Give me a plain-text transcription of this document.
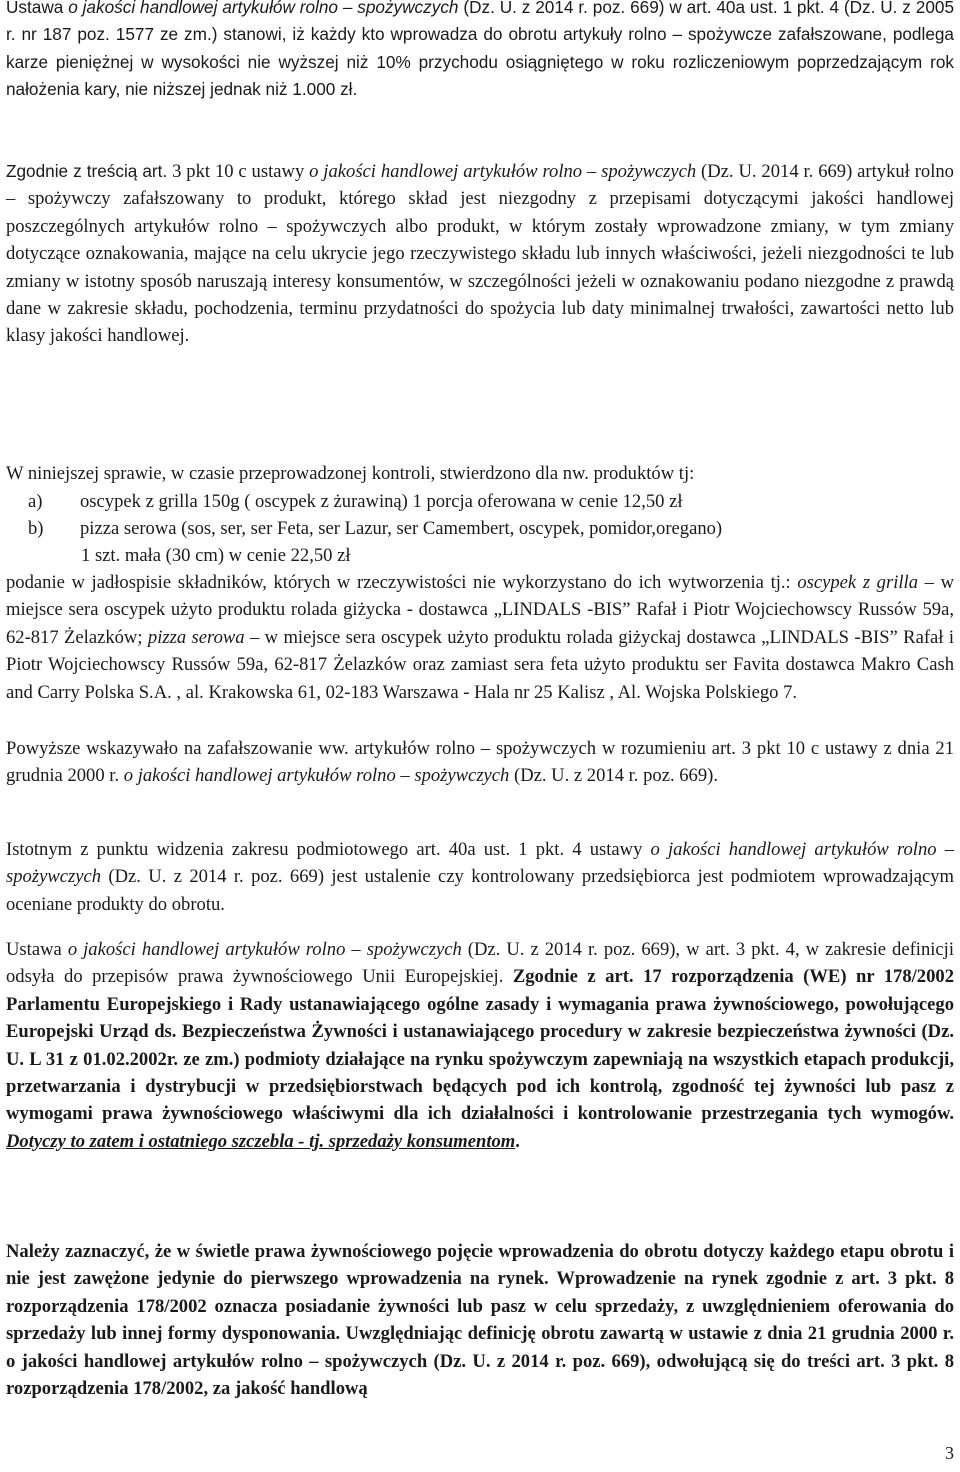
Ustawa o jakości handlowej artykułów rolno – spożywczych (Dz. U. z 2014 r. poz. 669) w art. 40a ust. 1 pkt. 4 (Dz. U. z 2005 r. nr 187 poz. 1577 ze zm.) stanowi, iż każdy kto wprowadza do obrotu artykuły rolno – spożywcze zafałszowane, podlega karze pieniężnej w wysokości nie wyższej niż 10% przychodu osiągniętego w roku rozliczeniowym poprzedzającym rok nałożenia kary, nie niższej jednak niż 1.000 zł.

Zgodnie z treścią art. 3 pkt 10 c ustawy o jakości handlowej artykułów rolno – spożywczych (Dz. U. 2014 r. 669) artykuł rolno – spożywczy zafałszowany to produkt, którego skład jest niezgodny z przepisami dotyczącymi jakości handlowej poszczególnych artykułów rolno – spożywczych albo produkt, w którym zostały wprowadzone zmiany, w tym zmiany dotyczące oznakowania, mające na celu ukrycie jego rzeczywistego składu lub innych właściwości, jeżeli niezgodności te lub zmiany w istotny sposób naruszają interesy konsumentów, w szczególności jeżeli w oznakowaniu podano niezgodne z prawdą dane w zakresie składu, pochodzenia, terminu przydatności do spożycia lub daty minimalnej trwałości, zawartości netto lub klasy jakości handlowej.

W niniejszej sprawie, w czasie przeprowadzonej kontroli, stwierdzono dla nw. produktów tj:

a) oscypek z grilla 150g ( oscypek z żurawiną) 1 porcja oferowana w cenie 12,50 zł

b) pizza serowa (sos, ser, ser Feta, ser Lazur, ser Camembert, oscypek, pomidor,oregano)

1 szt. mała (30 cm) w cenie 22,50 zł

podanie w jadłospisie składników, których w rzeczywistości nie wykorzystano do ich wytworzenia tj.: oscypek z grilla – w miejsce sera oscypek użyto produktu rolada giżycka - dostawca „LINDALS -BIS” Rafał i Piotr Wojciechowscy Russów 59a, 62-817 Żelazków; pizza serowa – w miejsce sera oscypek użyto produktu rolada giżyckaj dostawca „LINDALS -BIS” Rafał i Piotr Wojciechowscy Russów 59a, 62-817 Żelazków oraz zamiast sera feta użyto produktu ser Favita dostawca Makro Cash and Carry Polska S.A. , al. Krakowska 61, 02-183 Warszawa - Hala nr 25 Kalisz , Al. Wojska Polskiego 7.

Powyższe wskazywało na zafałszowanie ww. artykułów rolno – spożywczych w rozumieniu art. 3 pkt 10 c ustawy z dnia 21 grudnia 2000 r. o jakości handlowej artykułów rolno – spożywczych (Dz. U. z 2014 r. poz. 669).

Istotnym z punktu widzenia zakresu podmiotowego art. 40a ust. 1 pkt. 4 ustawy o jakości handlowej artykułów rolno – spożywczych (Dz. U. z 2014 r. poz. 669) jest ustalenie czy kontrolowany przedsiębiorca jest podmiotem wprowadzającym oceniane produkty do obrotu.

Ustawa o jakości handlowej artykułów rolno – spożywczych (Dz. U. z 2014 r. poz. 669), w art. 3 pkt. 4, w zakresie definicji odsyła do przepisów prawa żywnościowego Unii Europejskiej. Zgodnie z art. 17 rozporządzenia (WE) nr 178/2002 Parlamentu Europejskiego i Rady ustanawiającego ogólne zasady i wymagania prawa żywnościowego, powołującego Europejski Urząd ds. Bezpieczeństwa Żywności i ustanawiającego procedury w zakresie bezpieczeństwa żywności (Dz. U. L 31 z 01.02.2002r. ze zm.) podmioty działające na rynku spożywczym zapewniają na wszystkich etapach produkcji, przetwarzania i dystrybucji w przedsiębiorstwach będących pod ich kontrolą, zgodność tej żywności lub pasz z wymogami prawa żywnościowego właściwymi dla ich działalności i kontrolowanie przestrzegania tych wymogów. Dotyczy to zatem i ostatniego szczebla - tj. sprzedaży konsumentom.

Należy zaznaczyć, że w świetle prawa żywnościowego pojęcie wprowadzenia do obrotu dotyczy każdego etapu obrotu i nie jest zawężone jedynie do pierwszego wprowadzenia na rynek. Wprowadzenie na rynek zgodnie z art. 3 pkt. 8 rozporządzenia 178/2002 oznacza posiadanie żywności lub pasz w celu sprzedaży, z uwzględnieniem oferowania do sprzedaży lub innej formy dysponowania. Uwzględniając definicję obrotu zawartą w ustawie z dnia 21 grudnia 2000 r. o jakości handlowej artykułów rolno – spożywczych (Dz. U. z 2014 r. poz. 669), odwołującą się do treści art. 3 pkt. 8 rozporządzenia 178/2002, za jakość handlową

3
